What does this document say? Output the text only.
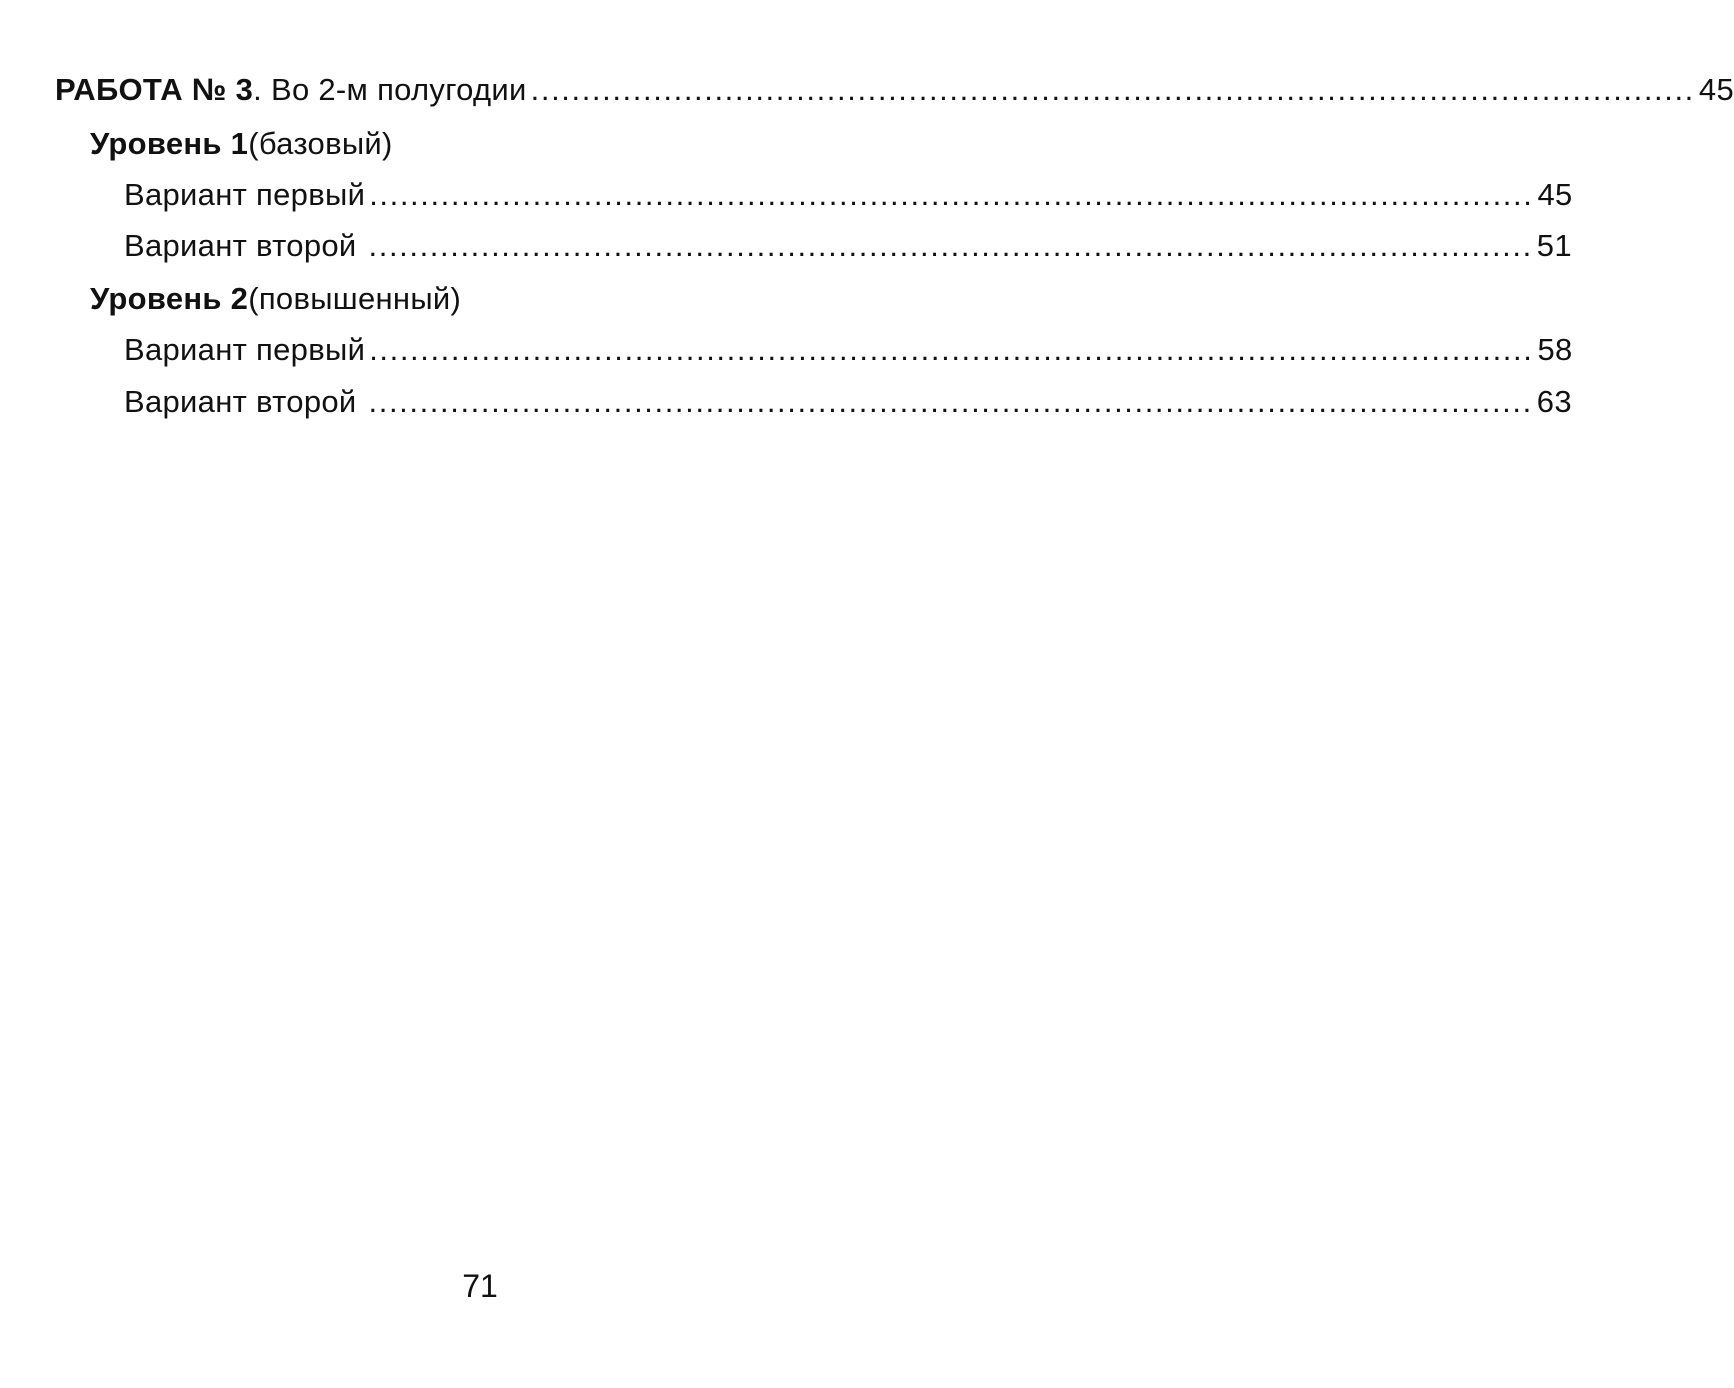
РАБОТА № 3 . Во 2-м полугодии .................................................................................................................. 45
Уровень 1(базовый)
Вариант первый .................................................................................................................. 45
Вариант второй .................................................................................................................. 51
Уровень 2(повышенный)
Вариант первый .................................................................................................................. 58
Вариант второй .................................................................................................................. 63
71
